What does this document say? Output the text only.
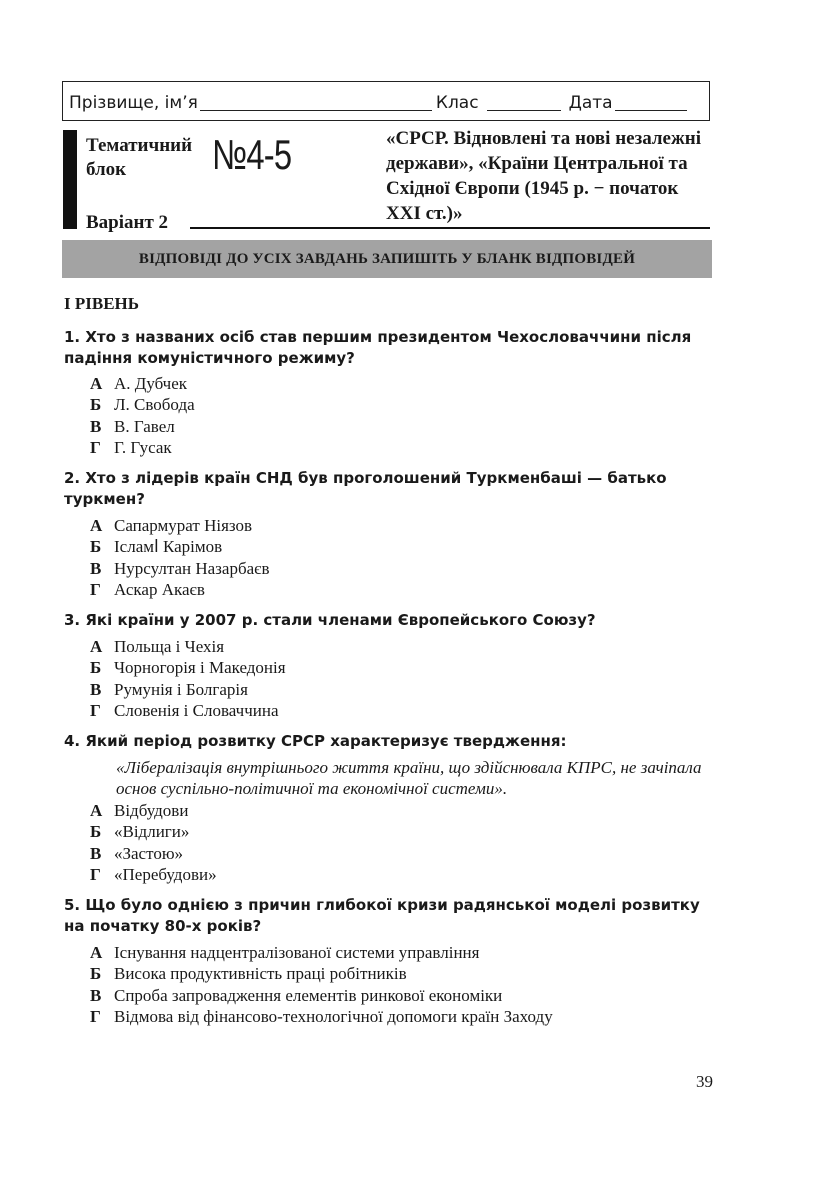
Прізвище, ім’я	Клас	Дата
Тематичний
блок	№4-5
Варіант 2
«СРСР. Відновлені та нові незалежні держави», «Країни Центральної та Східної Європи (1945 р. − початок ХХІ ст.)»
ВІДПОВІДІ ДО УСІХ ЗАВДАНЬ ЗАПИШІТЬ У БЛАНК ВІДПОВІДЕЙ
І РІВЕНЬ
1. Хто з названих осіб став першим президентом Чехословаччини після падіння комуністичного режиму?
А А. Дубчек
Б Л. Свобода
В В. Гавел
Г Г. Гусак
2. Хто з лідерів країн СНД був проголошений Туркменбаші — батько туркмен?
А Сапармурат Ніязов
Б Ісламⅼ Карімов
В Нурсултан Назарбаєв
Г Аскар Акаєв
3. Які країни у 2007 р. стали членами Європейського Союзу?
А Польща і Чехія
Б Чорногорія і Македонія
В Румунія і Болгарія
Г Словенія і Словаччина
4. Який період розвитку СРСР характеризує твердження:
«Лібералізація внутрішнього життя країни, що здійснювала КПРС, не зачіпала основ суспільно-політичної та економічної системи».
А Відбудови
Б «Відлиги»
В «Застою»
Г «Перебудови»
5. Що було однією з причин глибокої кризи радянської моделі розвитку на початку 80-х років?
А Існування надцентралізованої системи управління
Б Висока продуктивність праці робітників
В Спроба запровадження елементів ринкової економіки
Г Відмова від фінансово-технологічної допомоги країн Заходу
39
